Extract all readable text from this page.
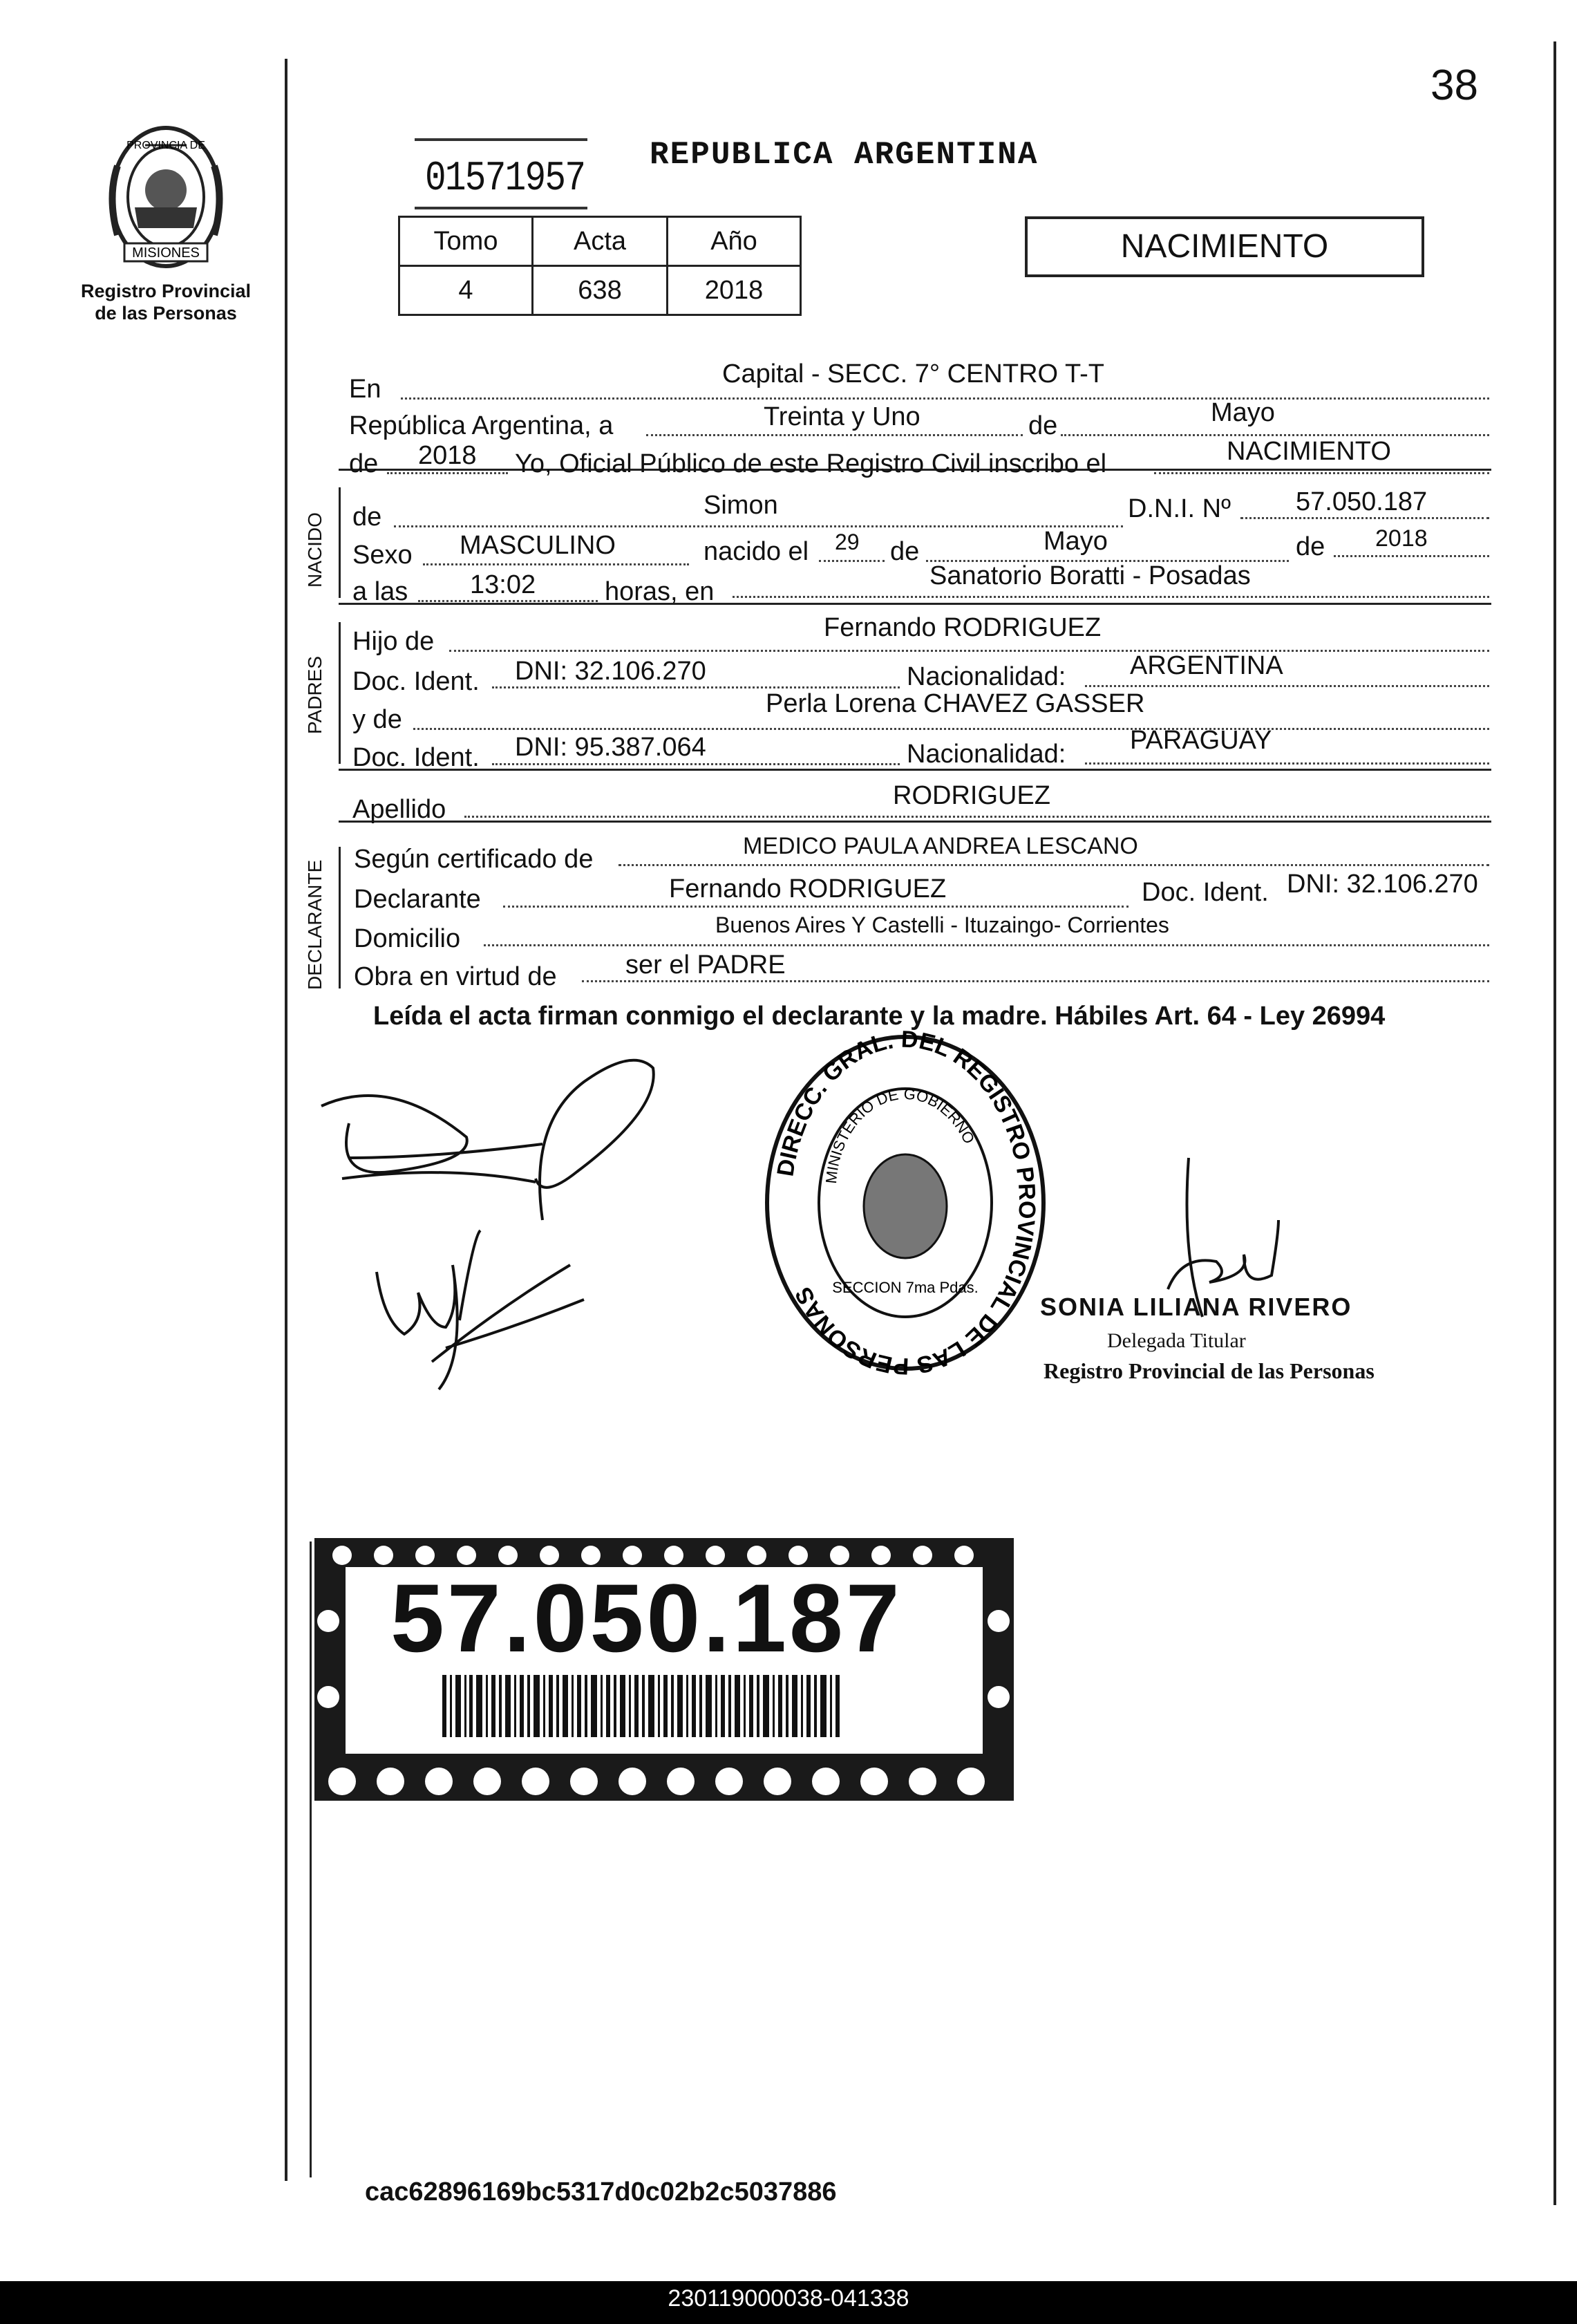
38
PROVINCIA DE
MISIONES
Registro Provincial
de las Personas
01571957
REPUBLICA ARGENTINA
Tomo	Acta	Año
4	638	2018
NACIMIENTO
NACIDO
PADRES
DECLARANTE
En
Capital - SECC. 7° CENTRO T-T
República Argentina, a	Treinta y Uno	de	Mayo
de 2018 Yo, Oficial Público de este Registro Civil inscribo el	NACIMIENTO
de	Simon	D.N.I. Nº 57.050.187
Sexo MASCULINO	nacido el 29 de	Mayo	de 2018
a las 13:02	horas, en
Sanatorio Boratti - Posadas
Hijo de	Fernando RODRIGUEZ
Doc. Ident. DNI: 32.106.270	Nacionalidad: ARGENTINA
y de
Perla Lorena CHAVEZ GASSER
Doc. Ident. DNI: 95.387.064	Nacionalidad: PARAGUAY
Apellido	RODRIGUEZ
Según certificado de	MEDICO PAULA ANDREA LESCANO
Declarante	Fernando RODRIGUEZ	Doc. Ident. DNI: 32.106.270
Domicilio	Buenos Aires Y Castelli - Ituzaingo- Corrientes
Obra en virtud de	ser el PADRE
Leída el acta firman conmigo el declarante y la madre. Hábiles Art. 64 - Ley 26994
DIRECC. GRAL. DEL REGISTRO PROVINCIAL DE LAS PERSONAS
MINISTERIO DE GOBIERNO
SECCION 7ma Pdas.
SONIA LILIANA RIVERO
Delegada Titular
Registro Provincial de las Personas
57.050.187
cac62896169bc5317d0c02b2c5037886
230119000038-041338
